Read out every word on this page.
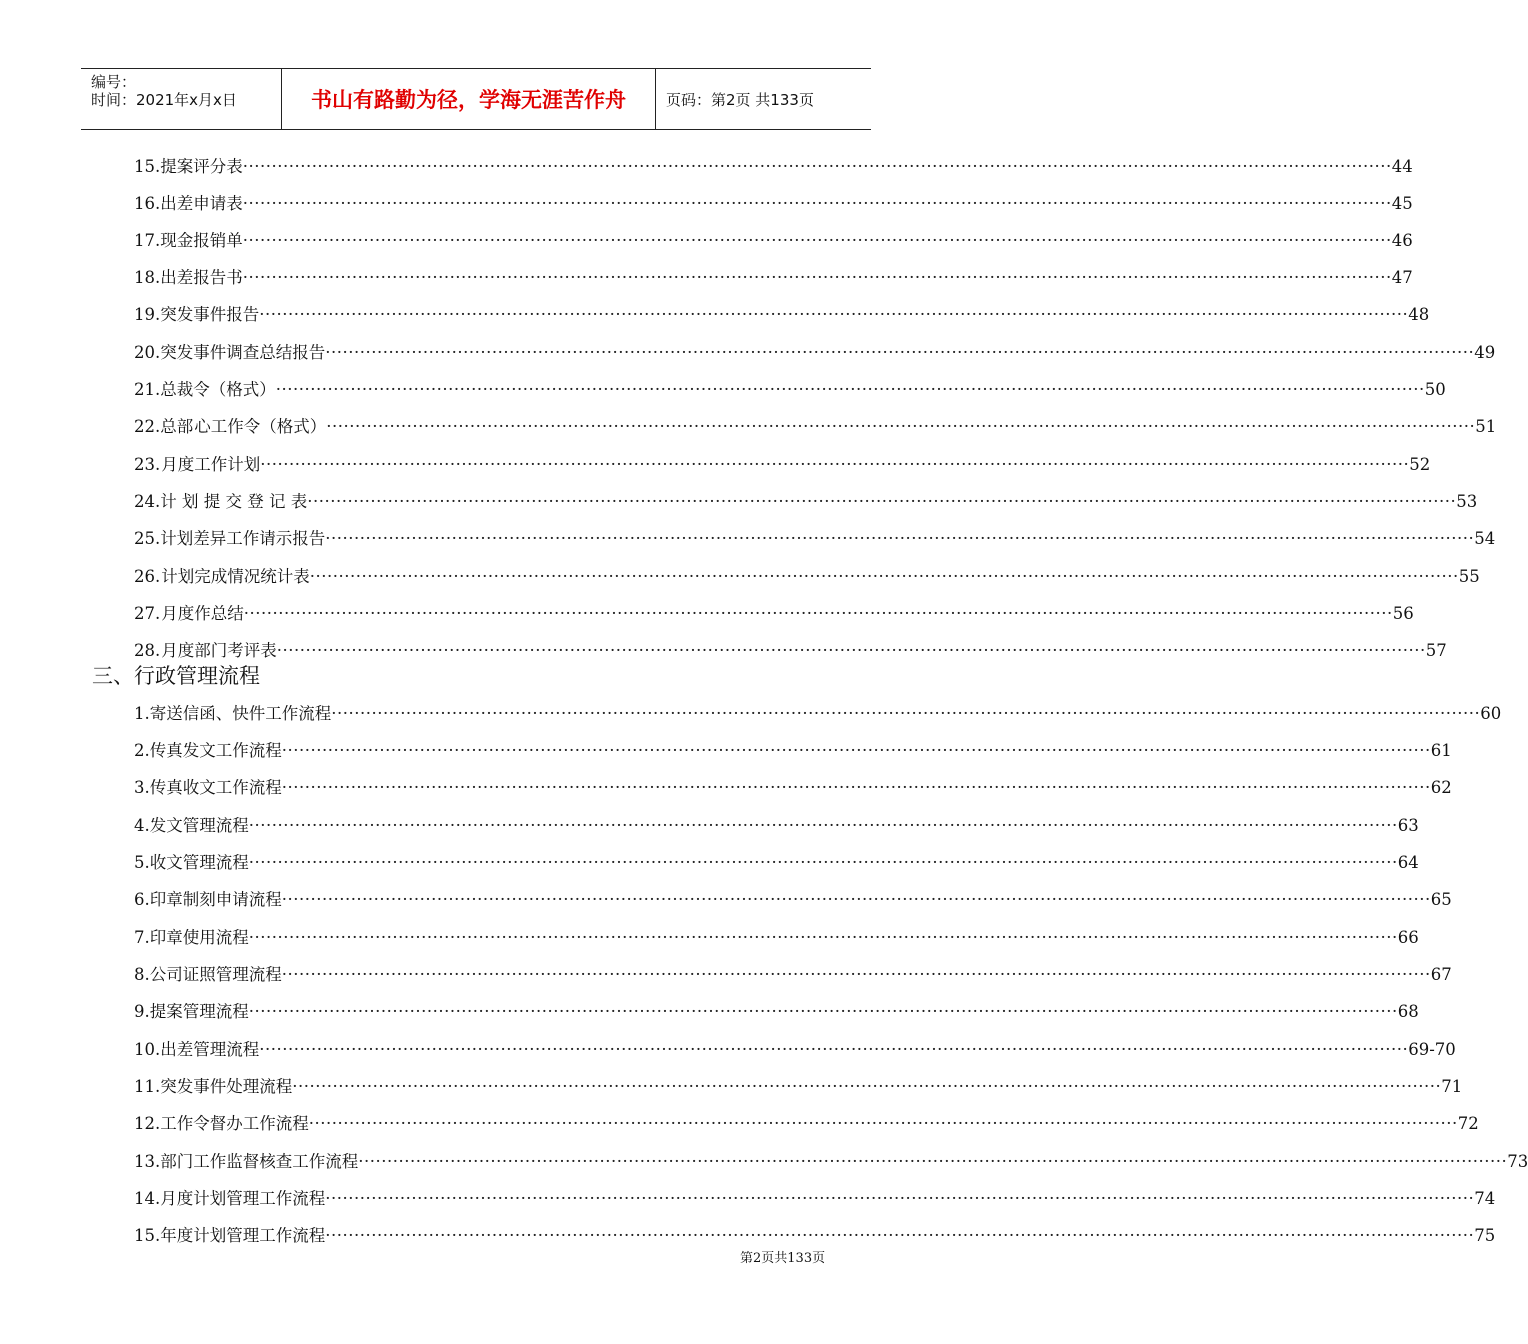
编号：
时间：2021年x月x日	书山有路勤为径，学海无涯苦作舟	页码：第2页 共133页
15. 提案评分表 ········································································································································································································ 44
16. 出差申请表 ········································································································································································································ 45
17. 现金报销单 ········································································································································································································ 46
18. 出差报告书 ········································································································································································································ 47
19. 突发事件报告 ········································································································································································································ 48
20. 突发事件调查总结报告 ········································································································································································································ 49
21. 总裁令（格式） ········································································································································································································ 50
22. 总部 心工作令（格式） ········································································································································································································ 51
23. 月度工作计划 ········································································································································································································ 52
24. 计 划 提 交 登 记 表 ········································································································································································································ 53
25. 计划差异工作请示报告 ········································································································································································································ 54
26. 计划完成情况统计表 ········································································································································································································ 55
27. 月度作总结 ········································································································································································································ 56
28. 月度部门考评表 ········································································································································································································ 57
1. 寄送信函、快件工作流程 ········································································································································································································ 60
2. 传真发文工作流程 ········································································································································································································ 61
3. 传真收文工作流程 ········································································································································································································ 62
4. 发文管理流程 ········································································································································································································ 63
5. 收文管理流程 ········································································································································································································ 64
6. 印章制刻申请流程 ········································································································································································································ 65
7. 印章使用流程 ········································································································································································································ 66
8. 公司证照管理流程 ········································································································································································································ 67
9. 提案管理流程 ········································································································································································································ 68
10. 出差管理流程 ········································································································································································································ 69-70
11. 突发事件处理流程 ········································································································································································································ 71
12. 工作令督办工作流程 ········································································································································································································ 72
13. 部门工作监督核查工作流程 ········································································································································································································ 73
14. 月度计划管理工作流程 ········································································································································································································ 74
15. 年度计划管理工作流程 ········································································································································································································ 75
三、行政管理流程
第2页共133页
